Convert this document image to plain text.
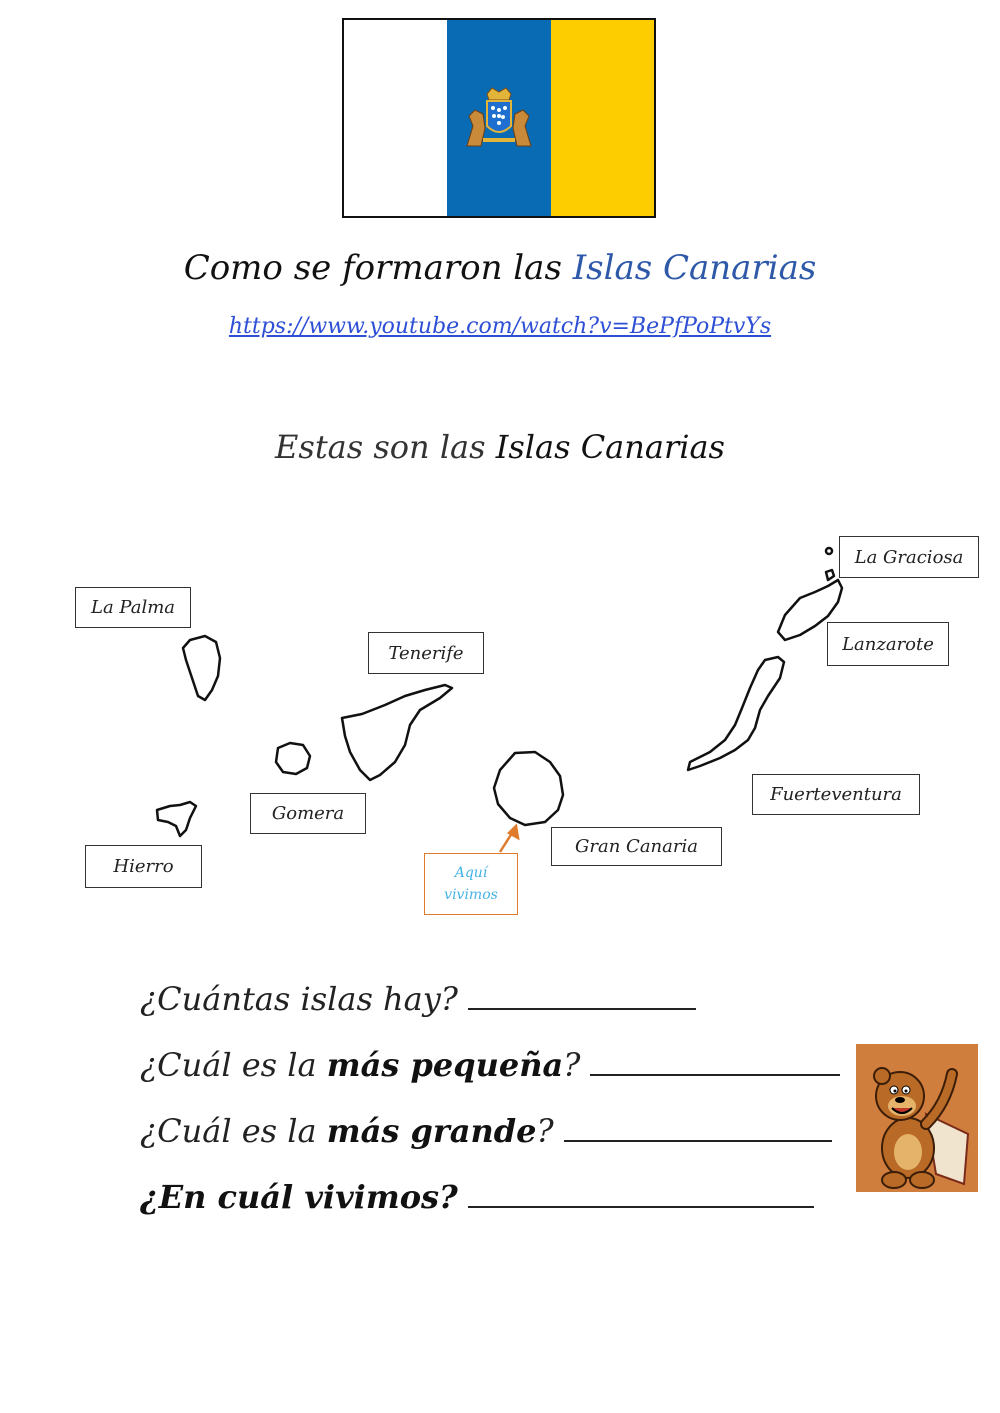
Como se formaron las Islas Canarias
https://www.youtube.com/watch?v=BePfPoPtvYs
Estas son las Islas Canarias
La Palma
Tenerife
La Graciosa
Lanzarote
Fuerteventura
Gomera
Hierro
Gran Canaria
Aquí
vivimos
¿Cuántas islas hay?
¿Cuál es la más pequeña?
¿Cuál es la más grande?
¿En cuál vivimos?
